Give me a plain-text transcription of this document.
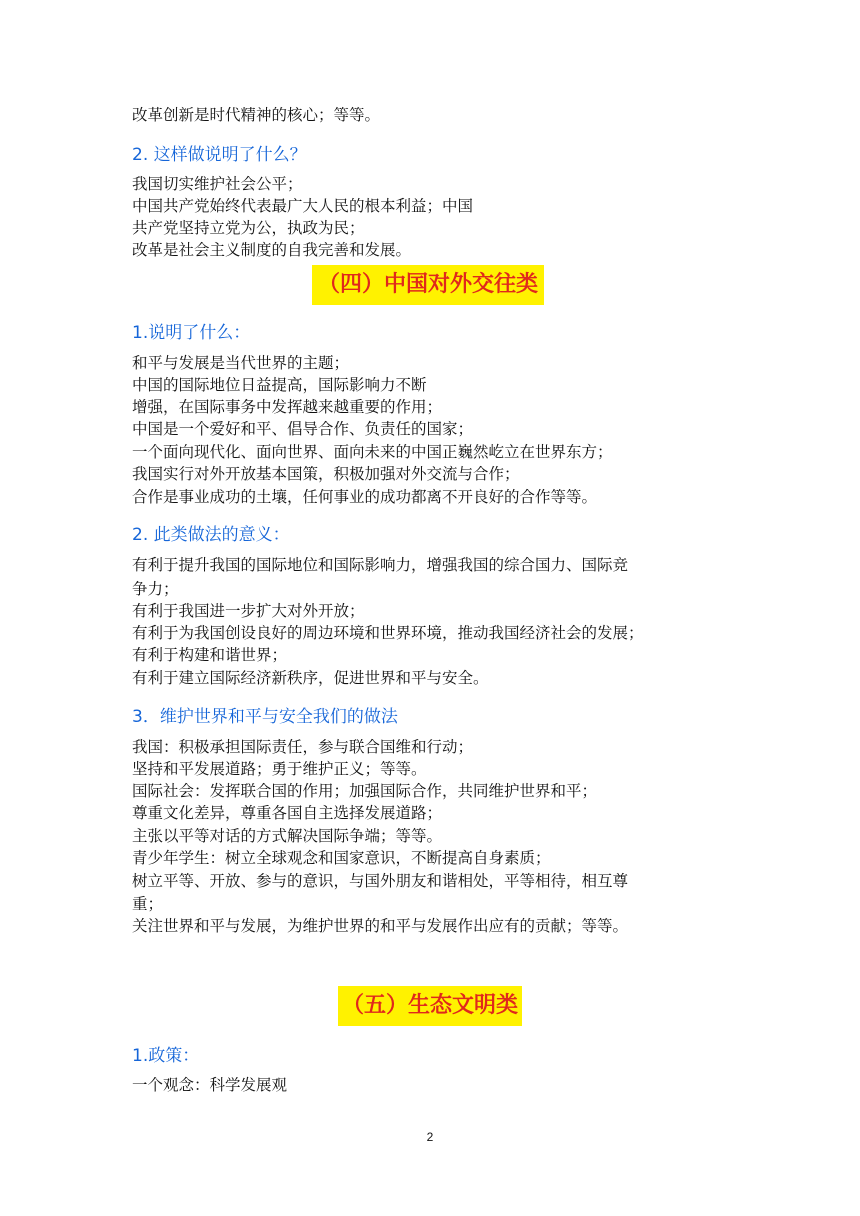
改革创新是时代精神的核心；等等。
2. 这样做说明了什么？
我国切实维护社会公平；
中国共产党始终代表最广大人民的根本利益；中国
共产党坚持立党为公，执政为民；
改革是社会主义制度的自我完善和发展。
（四）中国对外交往类
1.说明了什么：
和平与发展是当代世界的主题；
中国的国际地位日益提高，国际影响力不断
增强，在国际事务中发挥越来越重要的作用；
中国是一个爱好和平、倡导合作、负责任的国家；
一个面向现代化、面向世界、面向未来的中国正巍然屹立在世界东方；
我国实行对外开放基本国策，积极加强对外交流与合作；
合作是事业成功的土壤，任何事业的成功都离不开良好的合作等等。
2. 此类做法的意义：
有利于提升我国的国际地位和国际影响力，增强我国的综合国力、国际竞
争力；
有利于我国进一步扩大对外开放；
有利于为我国创设良好的周边环境和世界环境，推动我国经济社会的发展；
有利于构建和谐世界；
有利于建立国际经济新秩序，促进世界和平与安全。
3．维护世界和平与安全我们的做法
我国：积极承担国际责任，参与联合国维和行动；
坚持和平发展道路；勇于维护正义；等等。
国际社会：发挥联合国的作用；加强国际合作，共同维护世界和平；
尊重文化差异，尊重各国自主选择发展道路；
主张以平等对话的方式解决国际争端；等等。
青少年学生：树立全球观念和国家意识，不断提高自身素质；
树立平等、开放、参与的意识，与国外朋友和谐相处，平等相待，相互尊
重；
关注世界和平与发展，为维护世界的和平与发展作出应有的贡献；等等。
（五）生态文明类
1.政策：
一个观念：科学发展观
2
